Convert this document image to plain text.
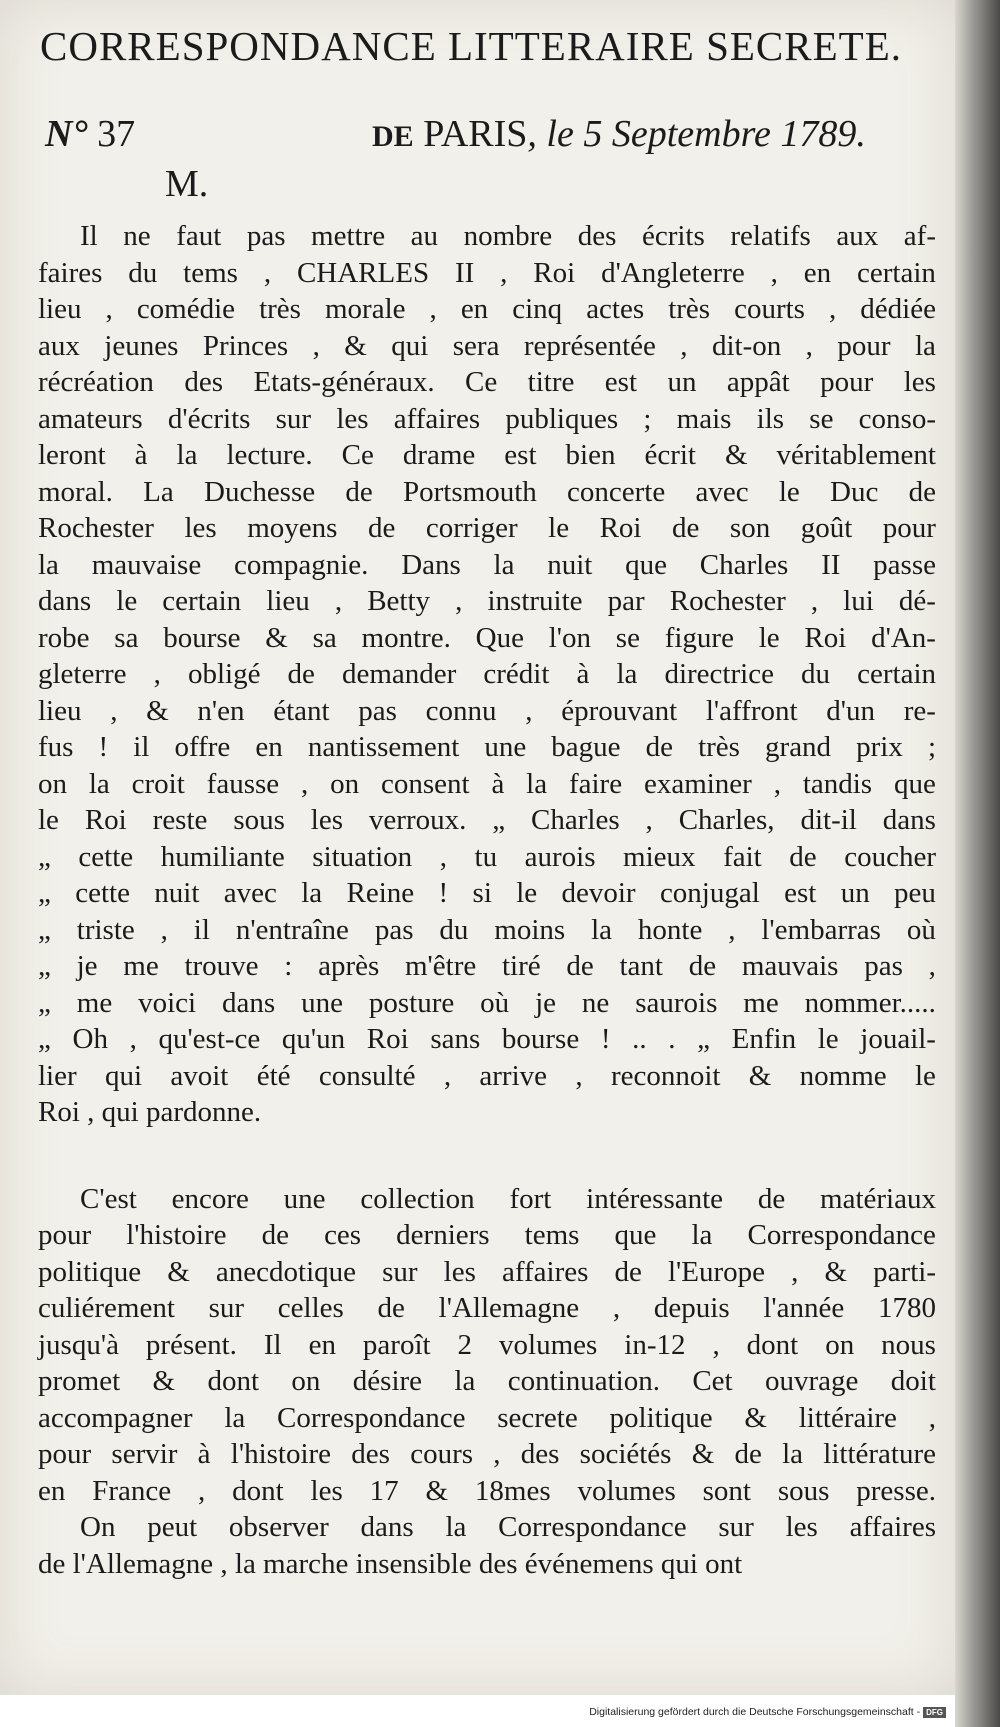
CORRESPONDANCE LITTERAIRE SECRETE.
N° 37	DE PARIS, le 5 Septembre 1789.
M.
Il ne faut pas mettre au nombre des écrits relatifs aux af-
faires du tems , CHARLES II , Roi d'Angleterre , en certain
lieu , comédie très morale , en cinq actes très courts , dédiée
aux jeunes Princes , & qui sera représentée , dit-on , pour la
récréation des Etats-généraux. Ce titre est un appât pour les
amateurs d'écrits sur les affaires publiques ; mais ils se conso-
leront à la lecture. Ce drame est bien écrit & véritablement
moral. La Duchesse de Portsmouth concerte avec le Duc de
Rochester les moyens de corriger le Roi de son goût pour
la mauvaise compagnie. Dans la nuit que Charles II passe
dans le certain lieu , Betty , instruite par Rochester , lui dé-
robe sa bourse & sa montre. Que l'on se figure le Roi d'An-
gleterre , obligé de demander crédit à la directrice du certain
lieu , & n'en étant pas connu , éprouvant l'affront d'un re-
fus ! il offre en nantissement une bague de très grand prix ;
on la croit fausse , on consent à la faire examiner , tandis que
le Roi reste sous les verroux. „ Charles , Charles, dit-il dans
„ cette humiliante situation , tu aurois mieux fait de coucher
„ cette nuit avec la Reine ! si le devoir conjugal est un peu
„ triste , il n'entraîne pas du moins la honte , l'embarras où
„ je me trouve : après m'être tiré de tant de mauvais pas ,
„ me voici dans une posture où je ne saurois me nommer.....
„ Oh , qu'est-ce qu'un Roi sans bourse ! .. . „ Enfin le jouail-
lier qui avoit été consulté , arrive , reconnoit & nomme le
Roi , qui pardonne.
C'est encore une collection fort intéressante de matériaux
pour l'histoire de ces derniers tems que la Correspondance
politique & anecdotique sur les affaires de l'Europe , & parti-
culiérement sur celles de l'Allemagne , depuis l'année 1780
jusqu'à présent. Il en paroît 2 volumes in-12 , dont on nous
promet & dont on désire la continuation. Cet ouvrage doit
accompagner la Correspondance secrete politique & littéraire ,
pour servir à l'histoire des cours , des sociétés & de la littérature
en France , dont les 17 & 18mes volumes sont sous presse.
On peut observer dans la Correspondance sur les affaires
de l'Allemagne , la marche insensible des événemens qui ont
Digitalisierung gefördert durch die Deutsche Forschungsgemeinschaft - DFG
